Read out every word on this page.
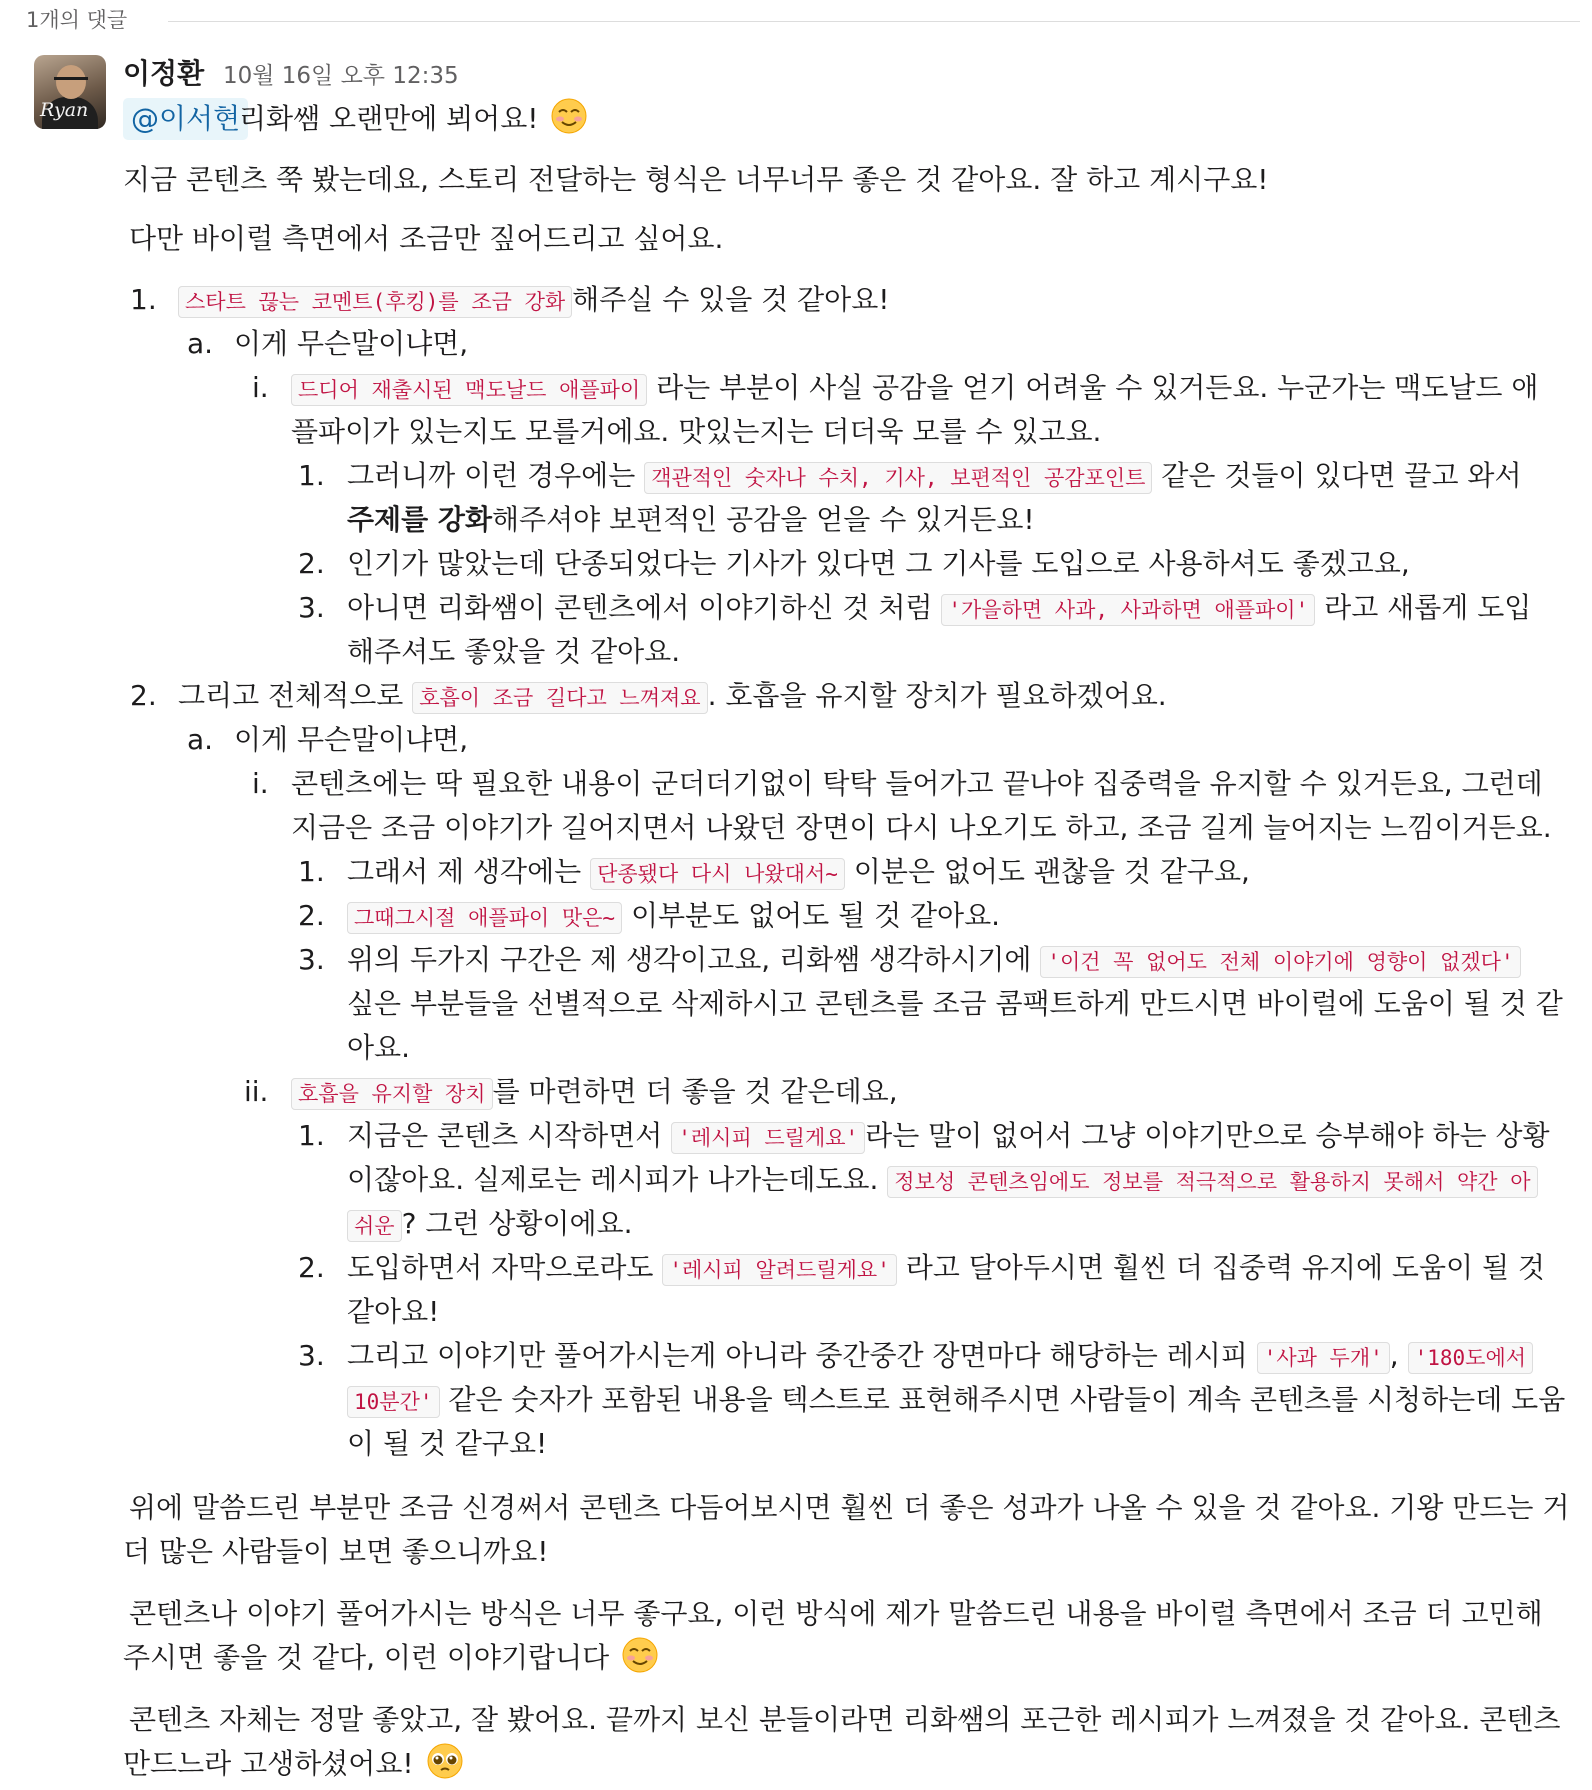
1개의 댓글
Ryan
이정환 10월 16일 오후 12:35
@이서현
리화쌤 오랜만에 뵈어요!
지금 콘텐츠 쭉 봤는데요, 스토리 전달하는 형식은 너무너무 좋은 것 같아요. 잘 하고 계시구요!
다만 바이럴 측면에서 조금만 짚어드리고 싶어요.
1.	스타트 끊는 코멘트(후킹)를 조금 강화 해주실 수 있을 것 같아요!
a. 이게 무슨말이냐면,
i.	드디어 재출시된 맥도날드 애플파이 라는 부분이 사실 공감을 얻기 어려울 수 있거든요. 누군가는 맥도날드 애
플파이가 있는지도 모를거에요. 맛있는지는 더더욱 모를 수 있고요.
1. 그러니까 이런 경우에는 객관적인 숫자나 수치, 기사, 보편적인 공감포인트 같은 것들이 있다면 끌고 와서
주제를 강화해주셔야 보편적인 공감을 얻을 수 있거든요!
2. 인기가 많았는데 단종되었다는 기사가 있다면 그 기사를 도입으로 사용하셔도 좋겠고요,
3. 아니면 리화쌤이 콘텐츠에서 이야기하신 것 처럼 '가을하면 사과, 사과하면 애플파이' 라고 새롭게 도입
해주셔도 좋았을 것 같아요.
2. 그리고 전체적으로 호흡이 조금 길다고 느껴져요 . 호흡을 유지할 장치가 필요하겠어요.
a. 이게 무슨말이냐면,
i. 콘텐츠에는 딱 필요한 내용이 군더더기없이 탁탁 들어가고 끝나야 집중력을 유지할 수 있거든요, 그런데
지금은 조금 이야기가 길어지면서 나왔던 장면이 다시 나오기도 하고, 조금 길게 늘어지는 느낌이거든요.
1. 그래서 제 생각에는 단종됐다 다시 나왔대서~ 이분은 없어도 괜찮을 것 같구요,
2.	그때그시절 애플파이 맛은~ 이부분도 없어도 될 것 같아요.
3. 위의 두가지 구간은 제 생각이고요, 리화쌤 생각하시기에 '이건 꼭 없어도 전체 이야기에 영향이 없겠다'
싶은 부분들을 선별적으로 삭제하시고 콘텐츠를 조금 콤팩트하게 만드시면 바이럴에 도움이 될 것 같
아요.
ii.	호흡을 유지할 장치 를 마련하면 더 좋을 것 같은데요,
1. 지금은 콘텐츠 시작하면서 '레시피 드릴게요' 라는 말이 없어서 그냥 이야기만으로 승부해야 하는 상황
이잖아요. 실제로는 레시피가 나가는데도요. 정보성 콘텐츠임에도 정보를 적극적으로 활용하지 못해서 약간 아
쉬운 ? 그런 상황이에요.
2. 도입하면서 자막으로라도 '레시피 알려드릴게요' 라고 달아두시면 훨씬 더 집중력 유지에 도움이 될 것
같아요!
3. 그리고 이야기만 풀어가시는게 아니라 중간중간 장면마다 해당하는 레시피 '사과 두개' , '180도에서
10분간' 같은 숫자가 포함된 내용을 텍스트로 표현해주시면 사람들이 계속 콘텐츠를 시청하는데 도움
이 될 것 같구요!
위에 말씀드린 부분만 조금 신경써서 콘텐츠 다듬어보시면 훨씬 더 좋은 성과가 나올 수 있을 것 같아요. 기왕 만드는 거
더 많은 사람들이 보면 좋으니까요!
콘텐츠나 이야기 풀어가시는 방식은 너무 좋구요, 이런 방식에 제가 말씀드린 내용을 바이럴 측면에서 조금 더 고민해
주시면 좋을 것 같다, 이런 이야기랍니다
콘텐츠 자체는 정말 좋았고, 잘 봤어요. 끝까지 보신 분들이라면 리화쌤의 포근한 레시피가 느껴졌을 것 같아요. 콘텐츠
만드느라 고생하셨어요!
